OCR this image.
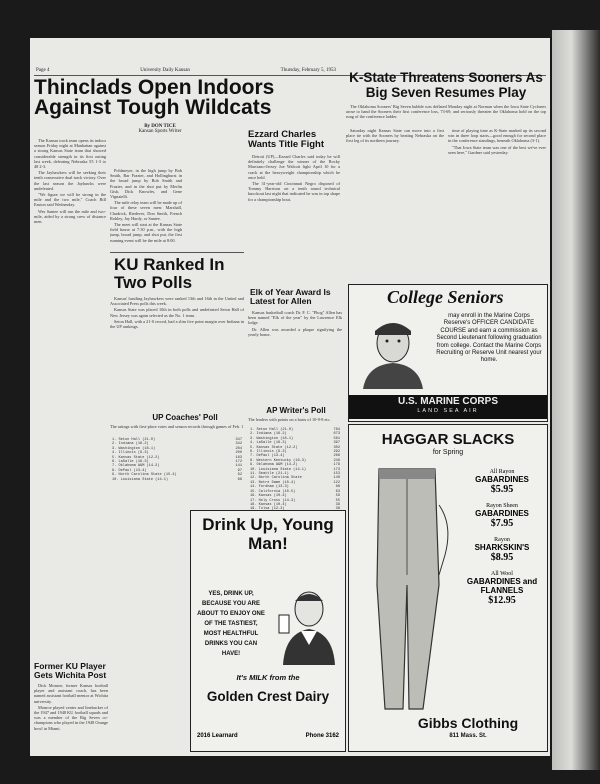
Page 4	University Daily Kansan	Thursday, February 5, 1953
Thinclads Open Indoors Against Tough Wildcats
By DON TICE
Kansan Sports Writer

The Kansas track team opens its indoor season Friday night at Manhattan against a strong Kansas State team that showed considerable strength in its first outing last week, defeating Nebraska 55 1-3 to 48 2-3.

The Jayhawkers will be seeking their tenth consecutive dual track victory. Over the last season the Jayhawks were undefeated.

"We figure we will be strong in the mile and the two mile," Coach Bill Easton said Wednesday.

Wes Santee will run the mile and two-mile, aided by a strong crew of distance men.

Pohlmeyer, in the high jump by Bob Smith, Bar Frazier, and Hollinghurst in the broad jump by Bob Smith and Frazier, and in the shot put by Merlin Gish, Dick Knowles, and Gene Vignatelli.

The mile relay team will be made up of four of these seven men: Marshall, Chadrick, Riedever, Don Smith, French Robley, Jay Hardy, or Santee.

The meet will start at the Kansas State field house at 7:30 p.m., with the high jump, broad jump, and shot put, the first running event will be the mile at 8:00.

Ezzard Charles Wants Title Fight

Detroit (UP)—Ezzard Charles said today he will definitely challenge the winner of the Rocky Marciano-Jersey Joe Walcott fight April 10 for a crack at the heavyweight championship which he once held.

The 31-year-old Cincinnati Negro disposed of Tommy Harrison on a tenth round technical knockout last night that indicated he was in top shape for a championship bout.

K-State Threatens Sooners As Big Seven Resumes Play

The Oklahoma Sooners' Big Seven bubble was deflated Monday night at Norman when the Iowa State Cyclones arose to hand the Sooners their first conference loss, 73-69, and seriously threaten the Oklahoma hold on the top rung of the conference ladder.

Saturday night Kansas State can move into a first place tie with the Sooners by beating Nebraska on the first leg of its northern journey.

time of playing time as K-State marked up its second win in three loop starts—good enough for second place in the conference standings, beneath Oklahoma (3-1).

"That Iowa State team was one of the best we've ever seen here," Gardner said yesterday.

KU Ranked In Two Polls

Kansas' hustling Jayhawkers were ranked 13th and 16th in the United and Associated Press polls this week.

Kansas State was placed 10th in both polls and undefeated Seton Hall of New Jersey was again selected as the No. 1 team.

Seton Hall, with a 21-0 record, had a slim five point margin over Indiana in the UP rankings.

UP Coaches' Poll
The ratings with first-place votes and season records through games of Feb. 1
1. Seton Hall (21-0)	347
2. Indiana (16-2)	342
3. Washington (18-1)	284
4. Illinois (9-3)	200
5. Kansas State (12-2)	183
6. LaSalle (16-3)	172
7. Oklahoma A&M (14-2)	141
8. DePaul (13-4)	97
9. North Carolina State (15-4)	92
10. Louisiana State (14-1)	66
Elk of Year Award Is Latest for Allen

Kansas basketball coach Dr. F. C. "Phog" Allen has been named "Elk of the year" by the Lawrence Elk lodge.

Dr. Allen was awarded a plaque signifying the yearly honor.

AP Writer's Poll
The leaders with points on a basis of 10-9-8 etc.
1. Seton Hall (21-0)	784
2. Indiana (16-2)	673
3. Washington (18-1)	581
4. LaSalle (16-3)	397
5. Kansas State (12-2)	302
6. Illinois (9-3)	292
7. DePaul (13-4)	266
8. Western Kentucky (16-3)	249
9. Oklahoma A&M (14-2)	179
10. Louisiana State (14-1)	173
11. Seattle (21-1)	153
12. North Carolina State	140
13. Notre Dame (10-4)	122
14. Fordham (13-3)	88
15. California (10-5)	63
16. Kansas (10-4)	59
17. Holy Cross (14-3)	55
18. Kansas (10-4)	39
Former KU Player Gets Wichita Post

Dick Monroe, former Kansas football player and assistant coach, has been named assistant football mentor at Wichita university.

Monroe played center and linebacker of the 1947 and 1948 KU football squads and was a member of the Big Seven co-champions who played in the 1948 Orange bowl in Miami.

College Seniors
may enroll in the Marine Corps Reserve's OFFICER CANDIDATE COURSE and earn a commission as Second Lieutenant following graduation from college. Contact the Marine Corps Recruiting or Reserve Unit nearest your home.
U.S. MARINE CORPS
LAND SEA AIR
HAGGAR SLACKS
for Spring
All Rayon
GABARDINES
$5.95
Rayon Sheen
GABARDINES
$7.95
Rayon
SHARKSKIN'S
$8.95
All Wool
GABARDINES and FLANNELS
$12.95
Gibbs Clothing
811 Mass. St.
Drink Up, Young Man!
YES, DRINK UP, BECAUSE YOU ARE ABOUT TO ENJOY ONE OF THE TASTIEST, MOST HEALTHFUL DRINKS YOU CAN HAVE!
It's MILK from the
Golden Crest Dairy
2016 Learnard	Phone 3162
